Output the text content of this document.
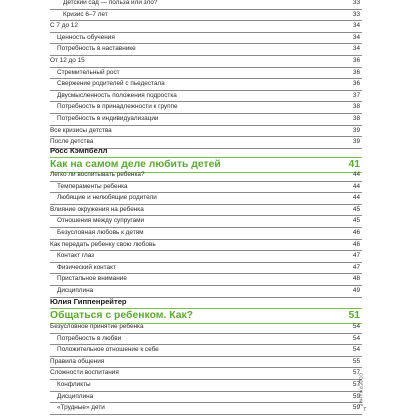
Детский сад — польза или зло?	33
Кризис 6–7 лет	33
С 7 до 12	34
Ценность обучения	34
Потребность в наставнике	34
От 12 до 15	36
Стремительный рост	36
Свержение родителей с пьедестала	36
Двусмысленность положения подростка	37
Потребность в принадлежности к группе	38
Потребность в индивидуализации	38
Все кризисы детства	39
После детства	39
Росс Кэмпбелл
Как на самом деле любить детей	41
Легко ли воспитывать ребенка?	44
Темпераменты ребенка	44
Любящие и нелюбящие родители	44
Влияние окружения на ребенка	45
Отношения между супругами	45
Безусловная любовь к детям	46
Как передать ребенку свою любовь	46
Контакт глаз	47
Физический контакт	47
Пристальное внимание	48
Дисциплина	49
Юлия Гиппенрейтер
Общаться с ребенком. Как?	51
Безусловное принятие ребенка	54
Потребность в любви	54
Положительное отношение к себе	54
Правила общения	55
Сложности воспитания	57
Конфликты	57
Дисциплина	59
«Трудные» дети	59
СОДЕРЖАНИЕ
7
